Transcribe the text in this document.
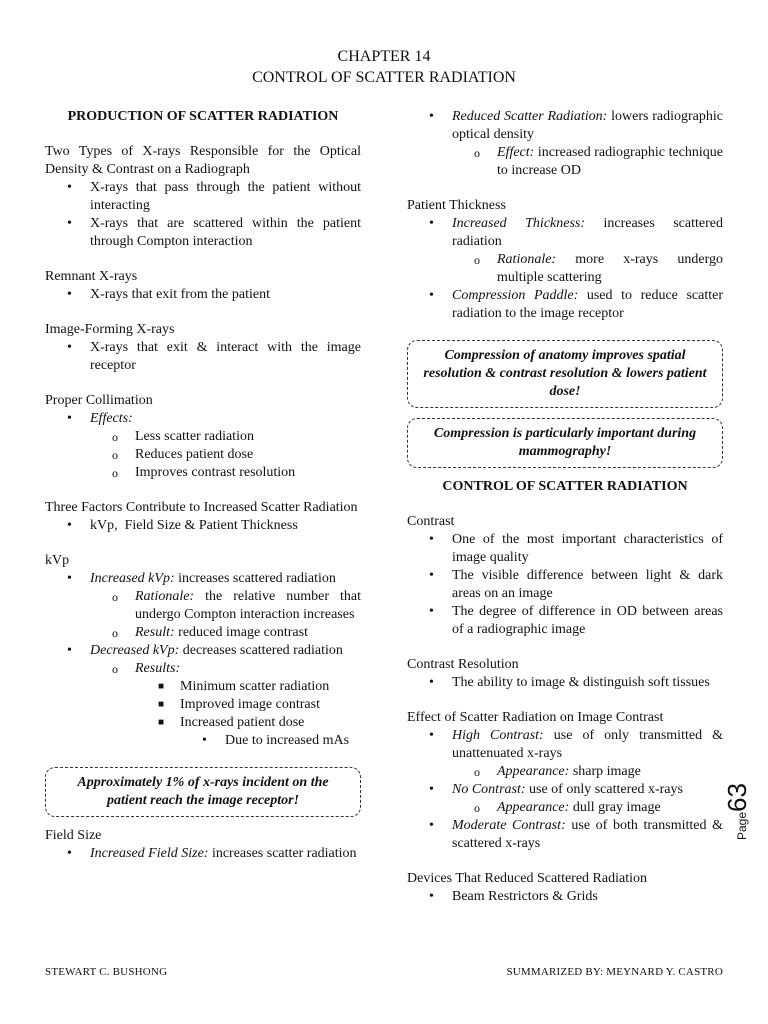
CHAPTER 14
CONTROL OF SCATTER RADIATION
PRODUCTION OF SCATTER RADIATION
Two Types of X-rays Responsible for the Optical Density & Contrast on a Radiograph
• X-rays that pass through the patient without interacting
• X-rays that are scattered within the patient through Compton interaction
Remnant X-rays
• X-rays that exit from the patient
Image-Forming X-rays
• X-rays that exit & interact with the image receptor
Proper Collimation
• Effects:
o Less scatter radiation
o Reduces patient dose
o Improves contrast resolution
Three Factors Contribute to Increased Scatter Radiation
• kVp,  Field Size & Patient Thickness
kVp
• Increased kVp: increases scattered radiation
o Rationale: the relative number that undergo Compton interaction increases
o Result: reduced image contrast
• Decreased kVp: decreases scattered radiation
o Results:
■ Minimum scatter radiation
■ Improved image contrast
■ Increased patient dose
• Due to increased mAs
Approximately 1% of x-rays incident on the patient reach the image receptor!
Field Size
• Increased Field Size: increases scatter radiation
• Reduced Scatter Radiation: lowers radiographic optical density
o Effect: increased radiographic technique to increase OD
Patient Thickness
• Increased Thickness: increases scattered radiation
o Rationale: more x-rays undergo multiple scattering
• Compression Paddle: used to reduce scatter radiation to the image receptor
Compression of anatomy improves spatial resolution & contrast resolution & lowers patient dose!
Compression is particularly important during mammography!
CONTROL OF SCATTER RADIATION
Contrast
• One of the most important characteristics of image quality
• The visible difference between light & dark areas on an image
• The degree of difference in OD between areas of a radiographic image
Contrast Resolution
• The ability to image & distinguish soft tissues
Effect of Scatter Radiation on Image Contrast
• High Contrast: use of only transmitted & unattenuated x-rays
o Appearance: sharp image
• No Contrast: use of only scattered x-rays
o Appearance: dull gray image
• Moderate Contrast: use of both transmitted & scattered x-rays
Devices That Reduced Scattered Radiation
• Beam Restrictors & Grids
Page63
STEWART C. BUSHONG	SUMMARIZED BY: MEYNARD Y. CASTRO
